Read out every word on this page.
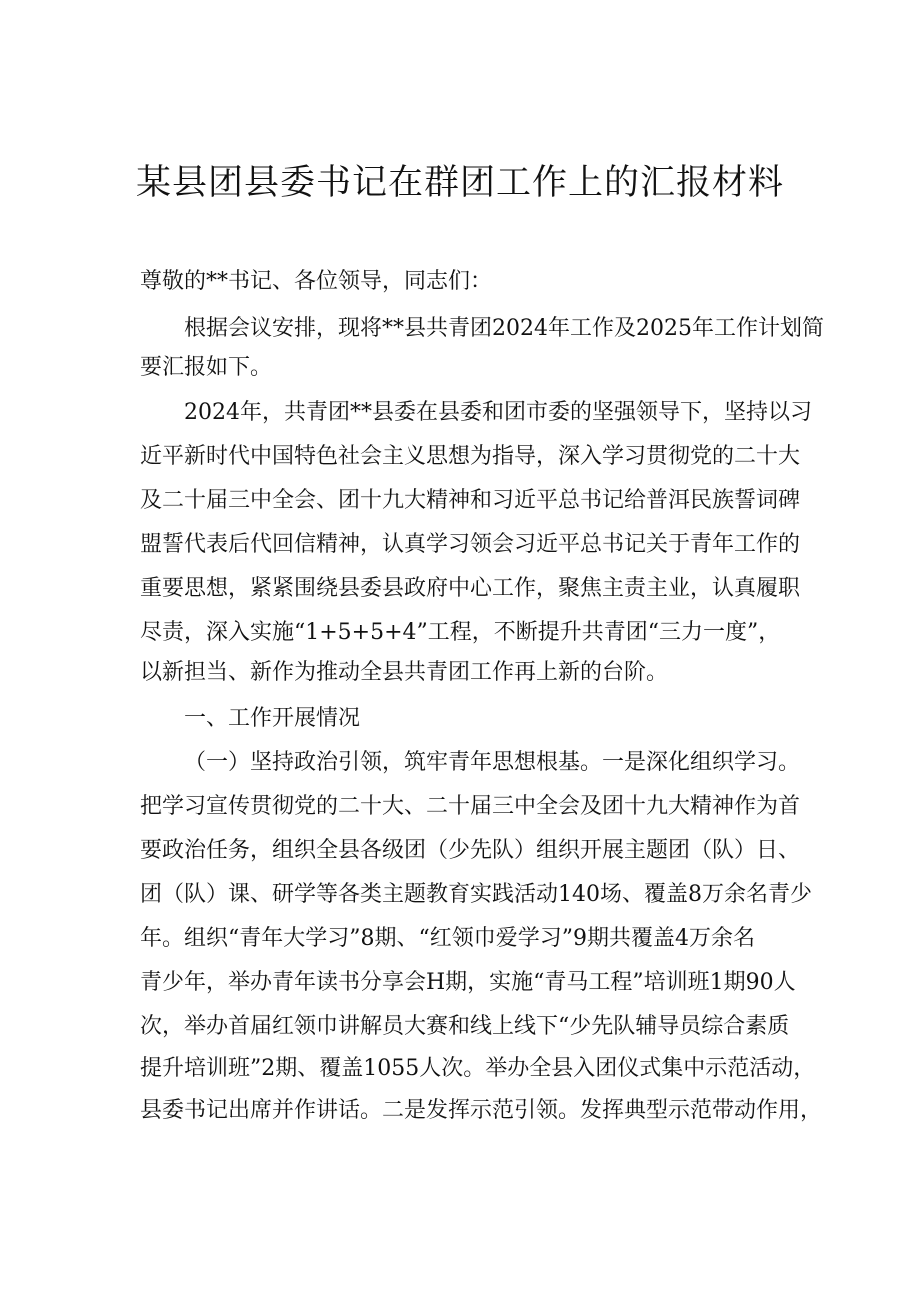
某县团县委书记在群团工作上的汇报材料

尊敬的**书记、各位领导，同志们：

根据会议安排，现将**县共青团2024年工作及2025年工作计划简

要汇报如下。

2024年，共青团**县委在县委和团市委的坚强领导下，坚持以习

近平新时代中国特色社会主义思想为指导，深入学习贯彻党的二十大

及二十届三中全会、团十九大精神和习近平总书记给普洱民族誓词碑

盟誓代表后代回信精神，认真学习领会习近平总书记关于青年工作的

重要思想，紧紧围绕县委县政府中心工作，聚焦主责主业，认真履职

尽责，深入实施“1+5+5+4”工程，不断提升共青团“三力一度”，

以新担当、新作为推动全县共青团工作再上新的台阶。

一、工作开展情况

（一）坚持政治引领，筑牢青年思想根基。一是深化组织学习。

把学习宣传贯彻党的二十大、二十届三中全会及团十九大精神作为首

要政治任务，组织全县各级团（少先队）组织开展主题团（队）日、

团（队）课、研学等各类主题教育实践活动140场、覆盖8万余名青少

年。组织“青年大学习”8期、“红领巾爱学习”9期共覆盖4万余名

青少年，举办青年读书分享会H期，实施“青马工程”培训班1期90人

次，举办首届红领巾讲解员大赛和线上线下“少先队辅导员综合素质

提升培训班”2期、覆盖1055人次。举办全县入团仪式集中示范活动，

县委书记出席并作讲话。二是发挥示范引领。发挥典型示范带动作用，
